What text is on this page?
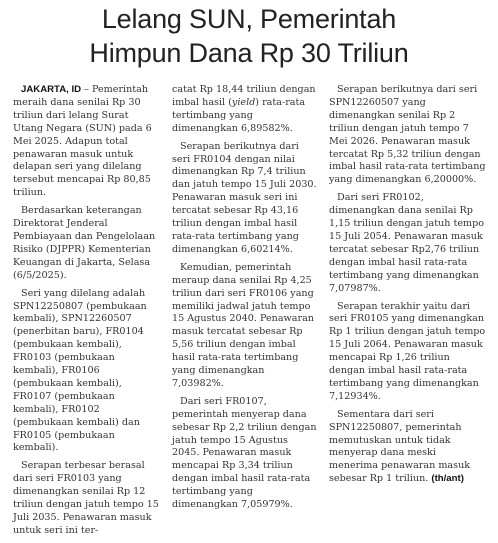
Lelang SUN, Pemerintah
Himpun Dana Rp 30 Triliun

JAKARTA, ID – Pemerintah meraih dana senilai Rp 30 triliun dari lelang Surat Utang Negara (SUN) pada 6 Mei 2025. Adapun total penawaran masuk untuk delapan seri yang dilelang tersebut mencapai Rp 80,85 triliun.

Berdasarkan keterangan Direktorat Jenderal Pembiayaan dan Pengelolaan Risiko (DJPPR) Kementerian Keuangan di Jakarta, Selasa (6/5/2025).

Seri yang dilelang adalah SPN12250807 (pembukaan kembali), SPN12260507 (penerbitan baru), FR0104 (pembukaan kembali), FR0103 (pembukaan kembali), FR0106 (pembukaan kembali), FR0107 (pembukaan kembali), FR0102 (pembukaan kembali) dan FR0105 (pembukaan kembali).

Serapan terbesar berasal dari seri FR0103 yang dimenangkan senilai Rp 12 triliun dengan jatuh tempo 15 Juli 2035. Penawaran masuk untuk seri ini ter-

catat Rp 18,44 triliun dengan imbal hasil (yield) rata-rata tertimbang yang dimenangkan 6,89582%.

Serapan berikutnya dari seri FR0104 dengan nilai dimenangkan Rp 7,4 triliun dan jatuh tempo 15 Juli 2030. Penawaran masuk seri ini tercatat sebesar Rp 43,16 triliun dengan imbal hasil rata-rata tertimbang yang dimenangkan 6,60214%.

Kemudian, pemerintah meraup dana senilai Rp 4,25 triliun dari seri FR0106 yang memiliki jadwal jatuh tempo 15 Agustus 2040. Penawaran masuk tercatat sebesar Rp 5,56 triliun dengan imbal hasil rata-rata tertimbang yang dimenangkan 7,03982%.

Dari seri FR0107, pemerintah menyerap dana sebesar Rp 2,2 triliun dengan jatuh tempo 15 Agustus 2045. Penawaran masuk mencapai Rp 3,34 triliun dengan imbal hasil rata-rata tertimbang yang dimenangkan 7,05979%.

Serapan berikutnya dari seri SPN12260507 yang dimenangkan senilai Rp 2 triliun dengan jatuh tempo 7 Mei 2026. Penawaran masuk tercatat Rp 5,32 triliun dengan imbal hasil rata-rata tertimbang yang dimenangkan 6,20000%.

Dari seri FR0102, dimenangkan dana senilai Rp 1,15 triliun dengan jatuh tempo 15 Juli 2054. Penawaran masuk tercatat sebesar Rp2,76 triliun dengan imbal hasil rata-rata tertimbang yang dimenangkan 7,07987%.

Serapan terakhir yaitu dari seri FR0105 yang dimenangkan Rp 1 triliun dengan jatuh tempo 15 Juli 2064. Penawaran masuk mencapai Rp 1,26 triliun dengan imbal hasil rata-rata tertimbang yang dimenangkan 7,12934%.

Sementara dari seri SPN12250807, pemerintah memutuskan untuk tidak menyerap dana meski menerima penawaran masuk sebesar Rp 1 triliun. (th/ant)
